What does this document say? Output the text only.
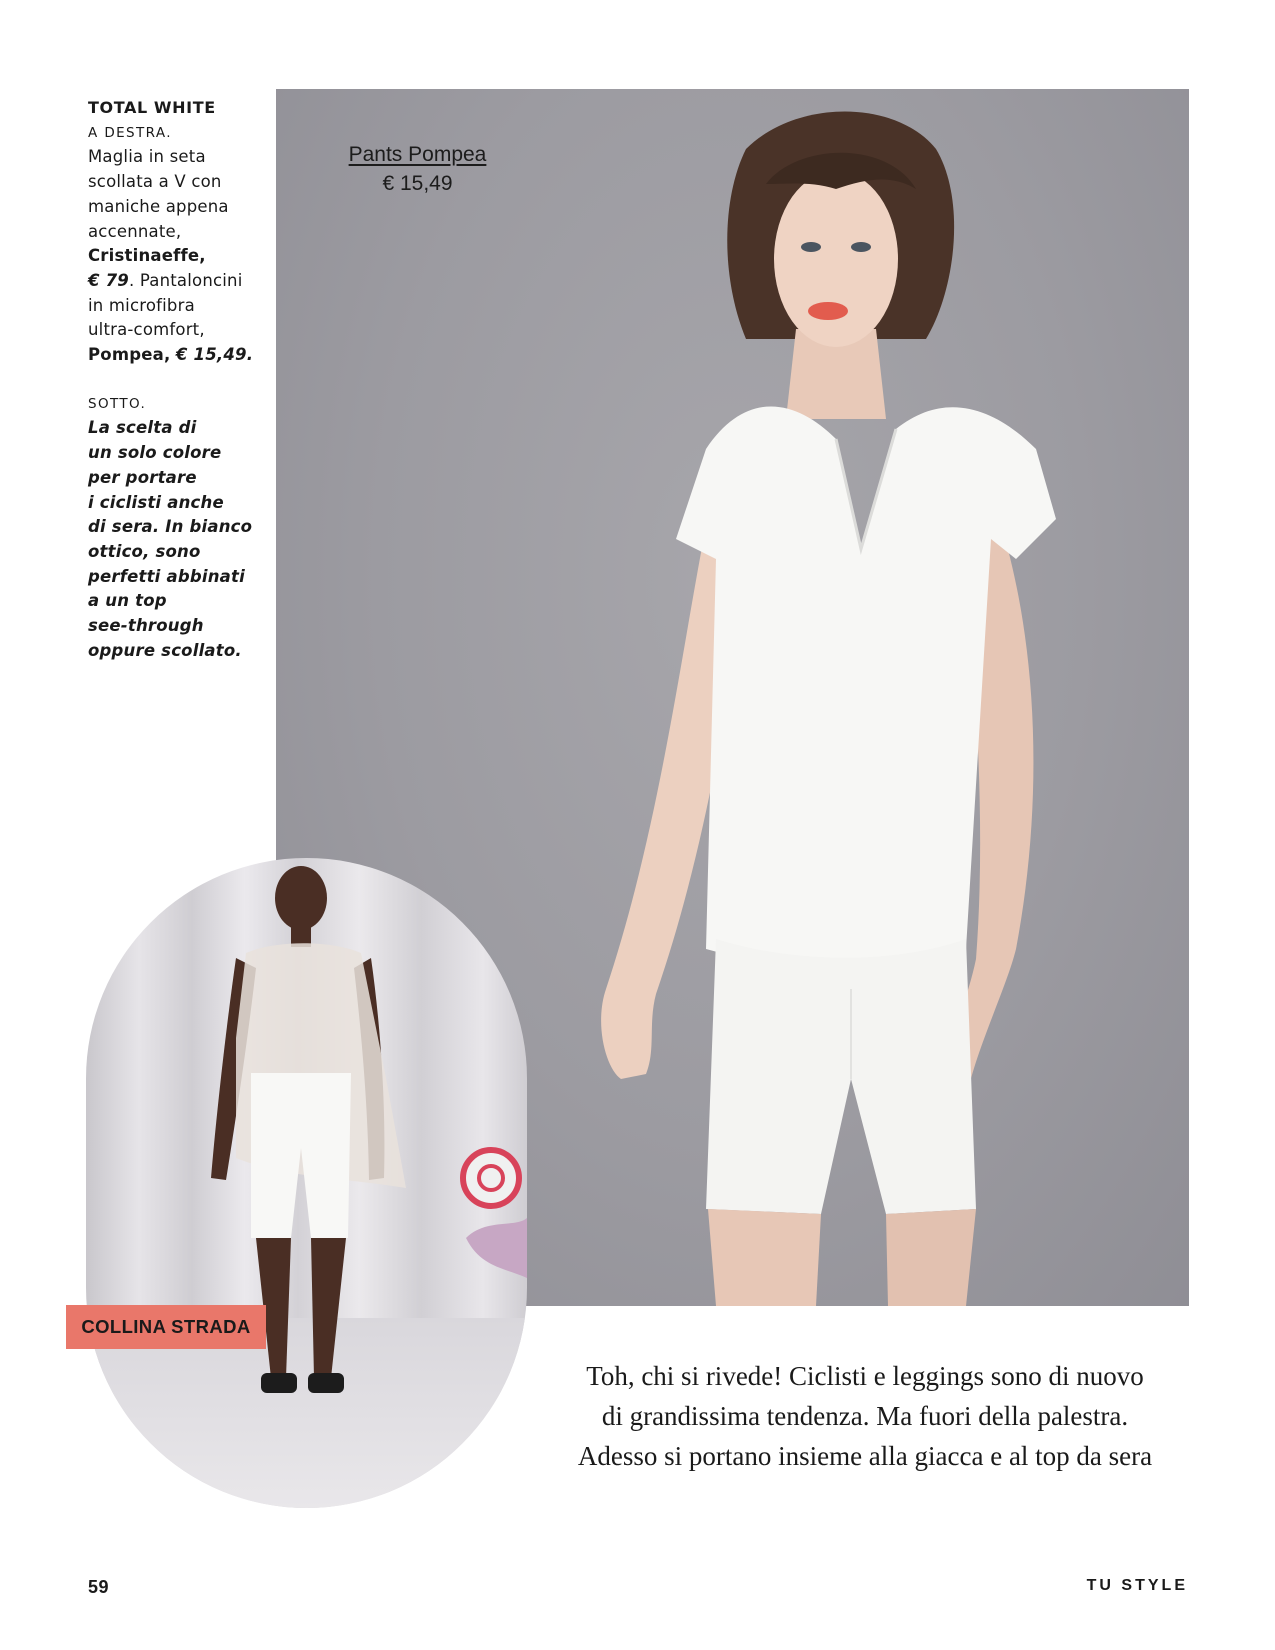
TOTAL WHITE
A DESTRA.
Maglia in seta
scollata a V con
maniche appena
accennate,
Cristinaeffe,
€ 79. Pantaloncini
in microfibra
ultra-comfort,
Pompea, € 15,49.
SOTTO.
La scelta di
un solo colore
per portare
i ciclisti anche
di sera. In bianco
ottico, sono
perfetti abbinati
a un top
see-through
oppure scollato.
Pants Pompea
€ 15,49
COLLINA STRADA
Toh, chi si rivede! Ciclisti e leggings sono di nuovo
di grandissima tendenza. Ma fuori della palestra.
Adesso si portano insieme alla giacca e al top da sera
59	TU STYLE
